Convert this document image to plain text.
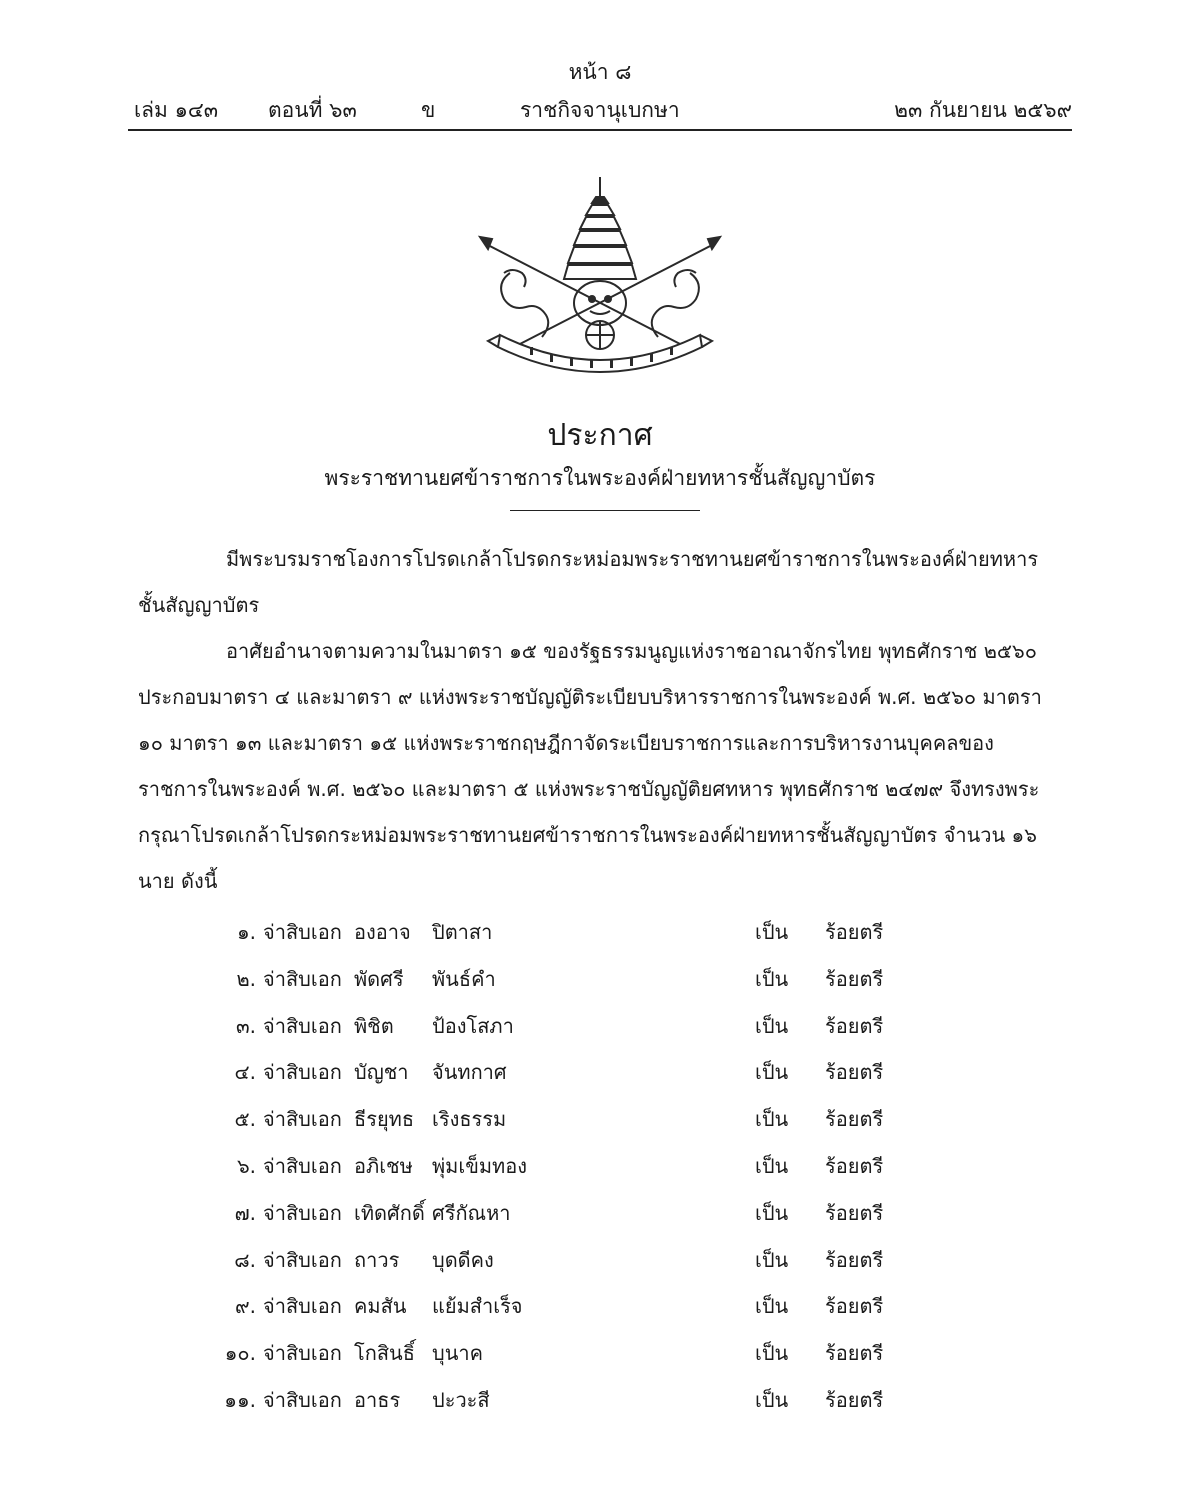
หน้า ๘
เล่ม ๑๔๓ ตอนที่ ๖๓	ข	ราชกิจจานุเบกษา	๒๓ กันยายน ๒๕๖๙
ประกาศ
พระราชทานยศข้าราชการในพระองค์ฝ่ายทหารชั้นสัญญาบัตร
มีพระบรมราชโองการโปรดเกล้าโปรดกระหม่อมพระราชทานยศข้าราชการในพระองค์ฝ่ายทหาร ชั้นสัญญาบัตร
อาศัยอำนาจตามความในมาตรา ๑๕ ของรัฐธรรมนูญแห่งราชอาณาจักรไทย พุทธศักราช ๒๕๖๐ ประกอบมาตรา ๔ และมาตรา ๙ แห่งพระราชบัญญัติระเบียบบริหารราชการในพระองค์ พ.ศ. ๒๕๖๐ มาตรา ๑๐ มาตรา ๑๓ และมาตรา ๑๕ แห่งพระราชกฤษฎีกาจัดระเบียบราชการและการบริหารงานบุคคลของราชการในพระองค์ พ.ศ. ๒๕๖๐ และมาตรา ๕ แห่งพระราชบัญญัติยศทหาร พุทธศักราช ๒๔๗๙ จึงทรงพระกรุณาโปรดเกล้าโปรดกระหม่อมพระราชทานยศข้าราชการในพระองค์ฝ่ายทหารชั้นสัญญาบัตร จำนวน ๑๖ นาย ดังนี้
๑. จ่าสิบเอก องอาจ ปิตาสา	เป็น ร้อยตรี
๒. จ่าสิบเอก พัดศรี พันธ์คำ	เป็น ร้อยตรี
๓. จ่าสิบเอก พิชิต ป้องโสภา	เป็น ร้อยตรี
๔. จ่าสิบเอก บัญชา จันทกาศ	เป็น ร้อยตรี
๕. จ่าสิบเอก ธีรยุทธ เริงธรรม	เป็น ร้อยตรี
๖. จ่าสิบเอก อภิเชษ พุ่มเข็มทอง	เป็น ร้อยตรี
๗. จ่าสิบเอก เทิดศักดิ์ ศรีกัณหา	เป็น ร้อยตรี
๘. จ่าสิบเอก ถาวร บุดดีคง	เป็น ร้อยตรี
๙. จ่าสิบเอก คมสัน แย้มสำเร็จ	เป็น ร้อยตรี
๑๐. จ่าสิบเอก โกสินธิ์ บุนาค	เป็น ร้อยตรี
๑๑. จ่าสิบเอก อาธร ปะวะสี	เป็น ร้อยตรี
